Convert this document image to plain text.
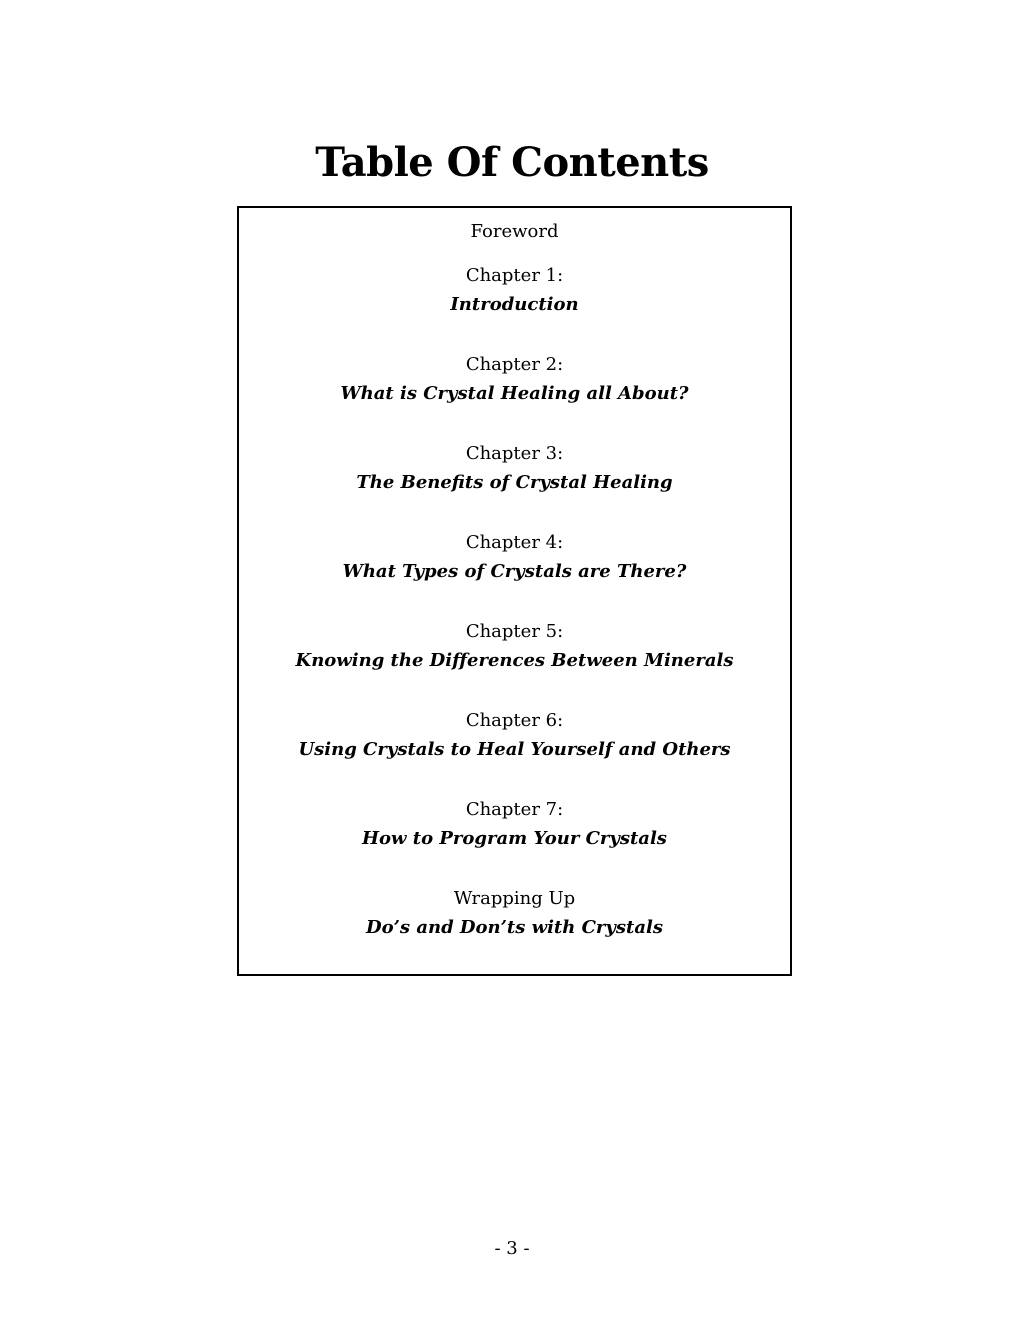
Table Of Contents
Foreword
Chapter 1:
Introduction
Chapter 2:
What is Crystal Healing all About?
Chapter 3:
The Benefits of Crystal Healing
Chapter 4:
What Types of Crystals are There?
Chapter 5:
Knowing the Differences Between Minerals
Chapter 6:
Using Crystals to Heal Yourself and Others
Chapter 7:
How to Program Your Crystals
Wrapping Up
Do’s and Don’ts with Crystals
- 3 -
